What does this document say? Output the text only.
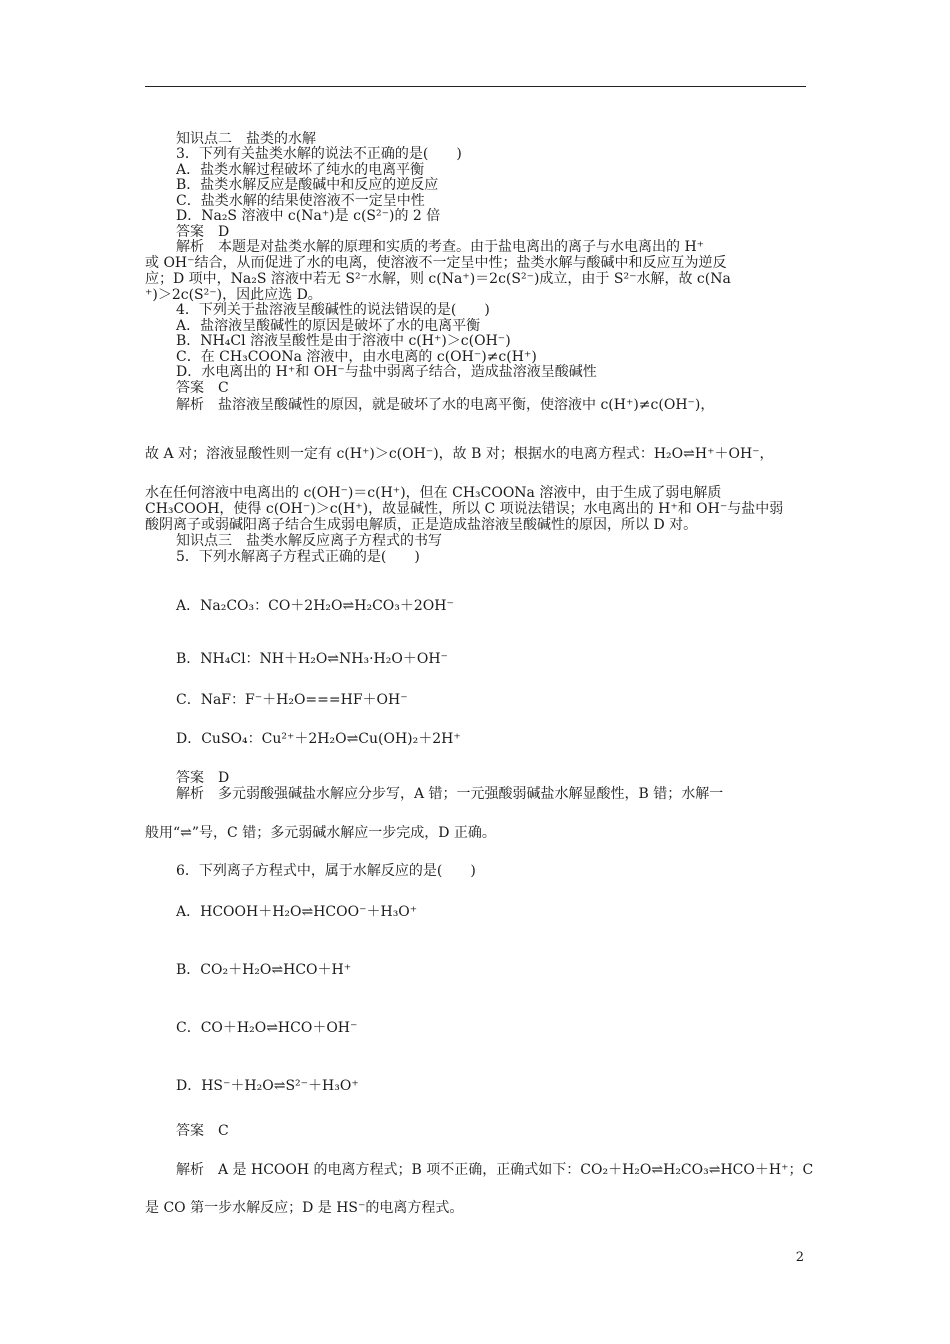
知识点二　盐类的水解
3．下列有关盐类水解的说法不正确的是(　　)
A．盐类水解过程破坏了纯水的电离平衡
B．盐类水解反应是酸碱中和反应的逆反应
C．盐类水解的结果使溶液不一定呈中性
D．Na₂S 溶液中 c(Na⁺)是 c(S²⁻)的 2 倍
答案　D
解析　本题是对盐类水解的原理和实质的考查。由于盐电离出的离子与水电离出的 H⁺
或 OH⁻结合，从而促进了水的电离，使溶液不一定呈中性；盐类水解与酸碱中和反应互为逆反
应；D 项中，Na₂S 溶液中若无 S²⁻水解，则 c(Na⁺)＝2c(S²⁻)成立，由于 S²⁻水解，故 c(Na
⁺)＞2c(S²⁻)，因此应选 D。
4．下列关于盐溶液呈酸碱性的说法错误的是(　　)
A．盐溶液呈酸碱性的原因是破坏了水的电离平衡
B．NH₄Cl 溶液呈酸性是由于溶液中 c(H⁺)＞c(OH⁻)
C．在 CH₃COONa 溶液中，由水电离的 c(OH⁻)≠c(H⁺)
D．水电离出的 H⁺和 OH⁻与盐中弱离子结合，造成盐溶液呈酸碱性
答案　C
解析　盐溶液呈酸碱性的原因，就是破坏了水的电离平衡，使溶液中 c(H⁺)≠c(OH⁻)，
故 A 对；溶液显酸性则一定有 c(H⁺)＞c(OH⁻)，故 B 对；根据水的电离方程式：H₂O⇌H⁺＋OH⁻，
水在任何溶液中电离出的 c(OH⁻)＝c(H⁺)，但在 CH₃COONa 溶液中，由于生成了弱电解质
CH₃COOH，使得 c(OH⁻)＞c(H⁺)，故显碱性，所以 C 项说法错误；水电离出的 H⁺和 OH⁻与盐中弱
酸阴离子或弱碱阳离子结合生成弱电解质，正是造成盐溶液呈酸碱性的原因，所以 D 对。
知识点三　盐类水解反应离子方程式的书写
5．下列水解离子方程式正确的是(　　)
A．Na₂CO₃：CO＋2H₂O⇌H₂CO₃＋2OH⁻
B．NH₄Cl：NH＋H₂O⇌NH₃·H₂O＋OH⁻
C．NaF：F⁻＋H₂O===HF＋OH⁻
D．CuSO₄：Cu²⁺＋2H₂O⇌Cu(OH)₂＋2H⁺
答案　D
解析　多元弱酸强碱盐水解应分步写，A 错；一元强酸弱碱盐水解显酸性，B 错；水解一
般用“⇌”号，C 错；多元弱碱水解应一步完成，D 正确。
6．下列离子方程式中，属于水解反应的是(　　)
A．HCOOH＋H₂O⇌HCOO⁻＋H₃O⁺
B．CO₂＋H₂O⇌HCO＋H⁺
C．CO＋H₂O⇌HCO＋OH⁻
D．HS⁻＋H₂O⇌S²⁻＋H₃O⁺
答案　C
解析　A 是 HCOOH 的电离方程式；B 项不正确，正确式如下：CO₂＋H₂O⇌H₂CO₃⇌HCO＋H⁺；C
是 CO 第一步水解反应；D 是 HS⁻的电离方程式。
2
